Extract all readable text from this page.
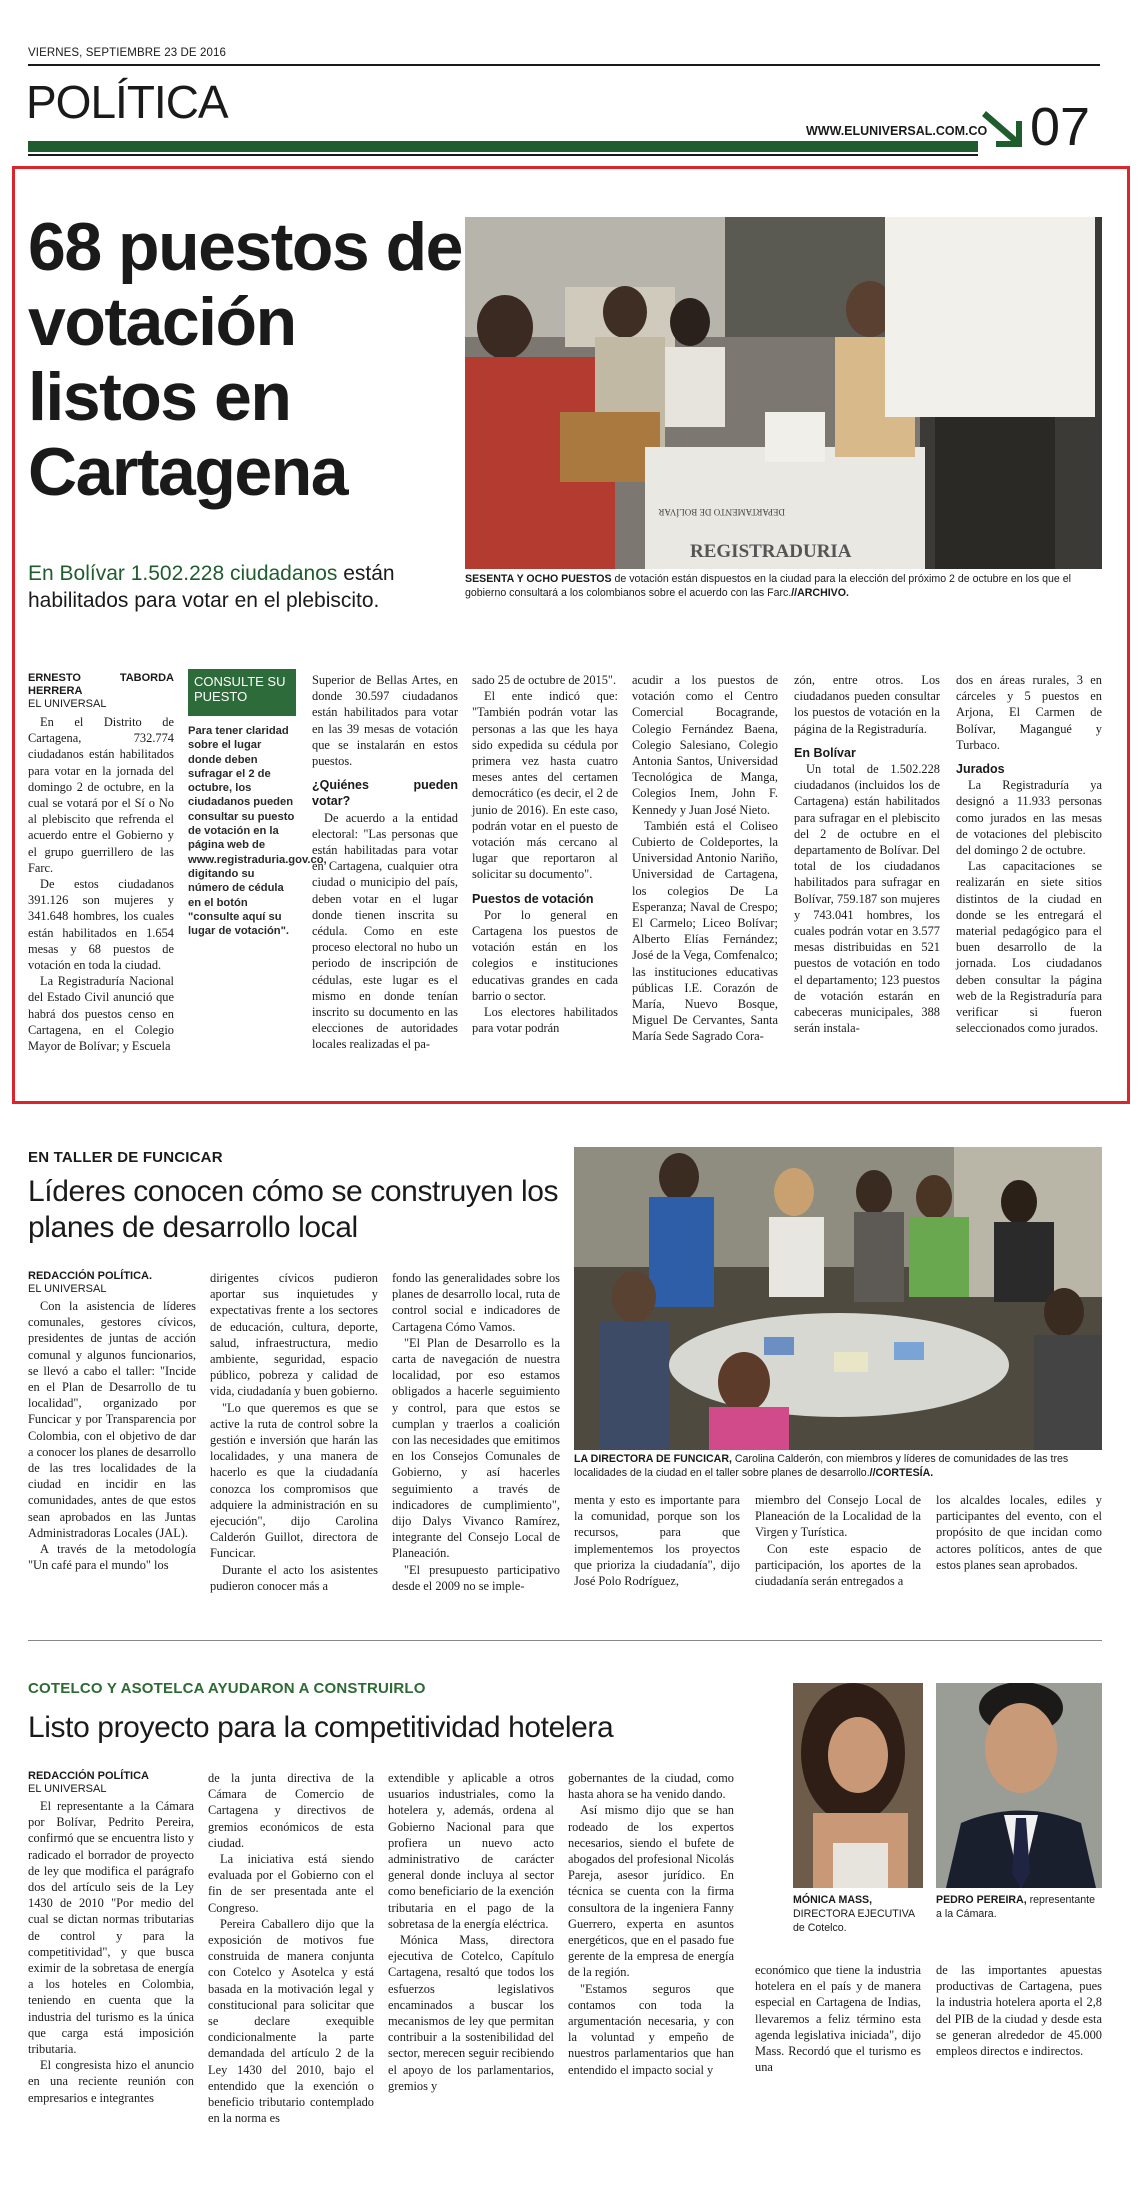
VIERNES, SEPTIEMBRE 23 DE 2016
POLÍTICA
WWW.ELUNIVERSAL.COM.CO 07
68 puestos de votación listos en Cartagena
En Bolívar 1.502.228 ciudadanos están habilitados para votar en el plebiscito.
DEPARTAMENTO DE BOLÍVAR
REGISTRADURIA
SESENTA Y OCHO PUESTOS de votación están dispuestos en la ciudad para la elección del próximo 2 de octubre en los que el gobierno consultará a los colombianos sobre el acuerdo con las Farc.//ARCHIVO.

ERNESTO TABORDA HERRERA

EL UNIVERSAL

En el Distrito de Cartagena, 732.774 ciudadanos están habilitados para votar en la jornada del domingo 2 de octubre, en la cual se votará por el Sí o No al plebiscito que refrenda el acuerdo entre el Gobierno y el grupo guerrillero de las Farc.

De estos ciudadanos 391.126 son mujeres y 341.648 hombres, los cuales están habilitados en 1.654 mesas y 68 puestos de votación en toda la ciudad.

La Registraduría Nacional del Estado Civil anunció que habrá dos puestos censo en Cartagena, en el Colegio Mayor de Bolívar; y Escuela

CONSULTE SU PUESTO
Para tener claridad sobre el lugar donde deben sufragar el 2 de octubre, los ciudadanos pueden consultar su puesto de votación en la página web de www.registraduria.gov.co, digitando su número de cédula en el botón "consulte aquí su lugar de votación".

Superior de Bellas Artes, en donde 30.597 ciudadanos están habilitados para votar en las 39 mesas de votación que se instalarán en estos puestos.

¿Quiénes pueden votar?

De acuerdo a la entidad electoral: "Las personas que están habilitadas para votar en Cartagena, cualquier otra ciudad o municipio del país, deben votar en el lugar donde tienen inscrita su cédula. Como en este proceso electoral no hubo un periodo de inscripción de cédulas, este lugar es el mismo en donde tenían inscrito su documento en las elecciones de autoridades locales realizadas el pa-

sado 25 de octubre de 2015".

El ente indicó que: "También podrán votar las personas a las que les haya sido expedida su cédula por primera vez hasta cuatro meses antes del certamen democrático (es decir, el 2 de junio de 2016). En este caso, podrán votar en el puesto de votación más cercano al lugar que reportaron al solicitar su documento".

Puestos de votación

Por lo general en Cartagena los puestos de votación están en los colegios e instituciones educativas grandes en cada barrio o sector.

Los electores habilitados para votar podrán

acudir a los puestos de votación como el Centro Comercial Bocagrande, Colegio Fernández Baena, Colegio Salesiano, Colegio Antonia Santos, Universidad Tecnológica de Manga, Colegios Inem, John F. Kennedy y Juan José Nieto.

También está el Coliseo Cubierto de Coldeportes, la Universidad Antonio Nariño, Universidad de Cartagena, los colegios De La Esperanza; Naval de Crespo; El Carmelo; Liceo Bolívar; Alberto Elías Fernández; José de la Vega, Comfenalco; las instituciones educativas públicas I.E. Corazón de María, Nuevo Bosque, Miguel De Cervantes, Santa María Sede Sagrado Cora-

zón, entre otros. Los ciudadanos pueden consultar los puestos de votación en la página de la Registraduría.

En Bolívar

Un total de 1.502.228 ciudadanos (incluidos los de Cartagena) están habilitados para sufragar en el plebiscito del 2 de octubre en el departamento de Bolívar. Del total de los ciudadanos habilitados para sufragar en Bolívar, 759.187 son mujeres y 743.041 hombres, los cuales podrán votar en 3.577 mesas distribuidas en 521 puestos de votación en todo el departamento; 123 puestos de votación estarán en cabeceras municipales, 388 serán instala-

dos en áreas rurales, 3 en cárceles y 5 puestos en Arjona, El Carmen de Bolívar, Magangué y Turbaco.

Jurados

La Registraduría ya designó a 11.933 personas como jurados en las mesas de votaciones del plebiscito del domingo 2 de octubre.

Las capacitaciones se realizarán en siete sitios distintos de la ciudad en donde se les entregará el material pedagógico para el buen desarrollo de la jornada. Los ciudadanos deben consultar la página web de la Registraduría para verificar si fueron seleccionados como jurados.

EN TALLER DE FUNCICAR
Líderes conocen cómo se construyen los planes de desarrollo local
LA DIRECTORA DE FUNCICAR, Carolina Calderón, con miembros y líderes de comunidades de las tres localidades de la ciudad en el taller sobre planes de desarrollo.//CORTESÍA.

REDACCIÓN POLÍTICA.

EL UNIVERSAL

Con la asistencia de líderes comunales, gestores cívicos, presidentes de juntas de acción comunal y algunos funcionarios, se llevó a cabo el taller: "Incide en el Plan de Desarrollo de tu localidad", organizado por Funcicar y por Transparencia por Colombia, con el objetivo de dar a conocer los planes de desarrollo de las tres localidades de la ciudad en incidir en las comunidades, antes de que estos sean aprobados en las Juntas Administradoras Locales (JAL).

A través de la metodología "Un café para el mundo" los

dirigentes cívicos pudieron aportar sus inquietudes y expectativas frente a los sectores de educación, cultura, deporte, salud, infraestructura, medio ambiente, seguridad, espacio público, pobreza y calidad de vida, ciudadanía y buen gobierno.

"Lo que queremos es que se active la ruta de control sobre la gestión e inversión que harán las localidades, y una manera de hacerlo es que la ciudadanía conozca los compromisos que adquiere la administración en su ejecución", dijo Carolina Calderón Guillot, directora de Funcicar.

Durante el acto los asistentes pudieron conocer más a

fondo las generalidades sobre los planes de desarrollo local, ruta de control social e indicadores de Cartagena Cómo Vamos.

"El Plan de Desarrollo es la carta de navegación de nuestra localidad, por eso estamos obligados a hacerle seguimiento y control, para que estos se cumplan y traerlos a coalición con las necesidades que emitimos en los Consejos Comunales de Gobierno, y así hacerles seguimiento a través de indicadores de cumplimiento", dijo Dalys Vivanco Ramírez, integrante del Consejo Local de Planeación.

"El presupuesto participativo desde el 2009 no se imple-

menta y esto es importante para la comunidad, porque son los recursos, para que implementemos los proyectos que prioriza la ciudadanía", dijo José Polo Rodríguez,

miembro del Consejo Local de Planeación de la Localidad de la Virgen y Turística.

Con este espacio de participación, los aportes de la ciudadanía serán entregados a

los alcaldes locales, ediles y participantes del evento, con el propósito de que incidan como actores políticos, antes de que estos planes sean aprobados.

COTELCO Y ASOTELCA AYUDARON A CONSTRUIRLO
Listo proyecto para la competitividad hotelera
MÓNICA MASS, DIRECTORA EJECUTIVA de Cotelco.
PEDRO PEREIRA, representante a la Cámara.

REDACCIÓN POLÍTICA

EL UNIVERSAL

El representante a la Cámara por Bolívar, Pedrito Pereira, confirmó que se encuentra listo y radicado el borrador de proyecto de ley que modifica el parágrafo dos del artículo seis de la Ley 1430 de 2010 "Por medio del cual se dictan normas tributarias de control y para la competitividad", y que busca eximir de la sobretasa de energía a los hoteles en Colombia, teniendo en cuenta que la industria del turismo es la única que carga está imposición tributaria.

El congresista hizo el anuncio en una reciente reunión con empresarios e integrantes

de la junta directiva de la Cámara de Comercio de Cartagena y directivos de gremios económicos de esta ciudad.

La iniciativa está siendo evaluada por el Gobierno con el fin de ser presentada ante el Congreso.

Pereira Caballero dijo que la exposición de motivos fue construida de manera conjunta con Cotelco y Asotelca y está basada en la motivación legal y constitucional para solicitar que se declare exequible condicionalmente la parte demandada del artículo 2 de la Ley 1430 del 2010, bajo el entendido que la exención o beneficio tributario contemplado en la norma es

extendible y aplicable a otros usuarios industriales, como la hotelera y, además, ordena al Gobierno Nacional para que profiera un nuevo acto administrativo de carácter general donde incluya al sector como beneficiario de la exención tributaria en el pago de la sobretasa de la energía eléctrica.

Mónica Mass, directora ejecutiva de Cotelco, Capítulo Cartagena, resaltó que todos los esfuerzos legislativos encaminados a buscar los mecanismos de ley que permitan contribuir a la sostenibilidad del sector, merecen seguir recibiendo el apoyo de los parlamentarios, gremios y

gobernantes de la ciudad, como hasta ahora se ha venido dando.

Así mismo dijo que se han rodeado de los expertos necesarios, siendo el bufete de abogados del profesional Nicolás Pareja, asesor jurídico. En técnica se cuenta con la firma consultora de la ingeniera Fanny Guerrero, experta en asuntos energéticos, que en el pasado fue gerente de la empresa de energía de la región.

"Estamos seguros que contamos con toda la argumentación necesaria, y con la voluntad y empeño de nuestros parlamentarios que han entendido el impacto social y

económico que tiene la industria hotelera en el país y de manera especial en Cartagena de Indias, llevaremos a feliz término esta agenda legislativa iniciada", dijo Mass. Recordó que el turismo es una

de las importantes apuestas productivas de Cartagena, pues la industria hotelera aporta el 2,8 del PIB de la ciudad y desde esta se generan alrededor de 45.000 empleos directos e indirectos.
